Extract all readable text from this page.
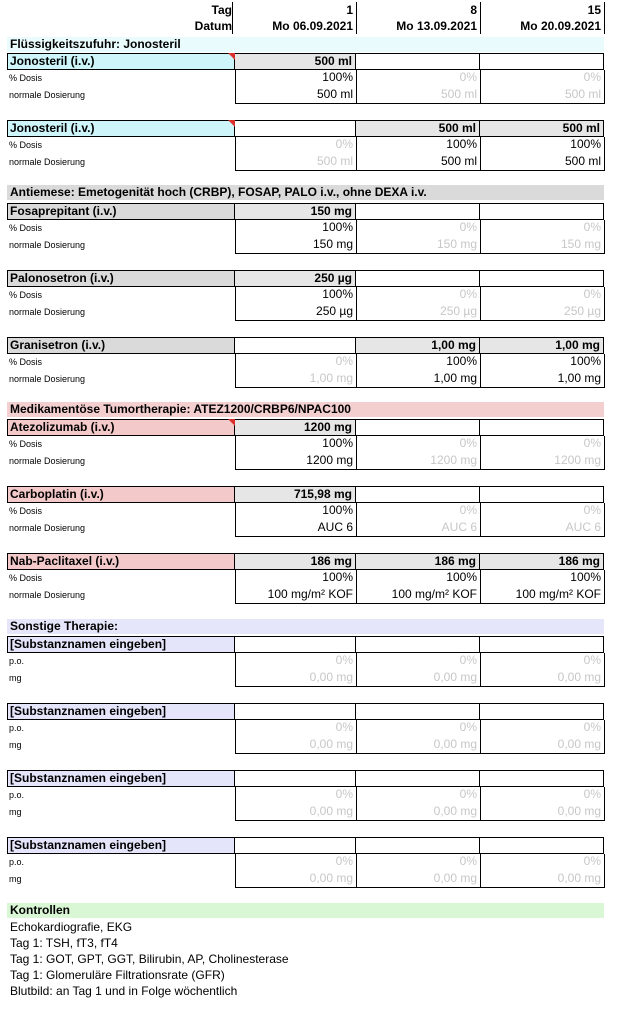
Tag
Datum
1
Mo 06.09.2021
8
Mo 13.09.2021
15
Mo 20.09.2021
Flüssigkeitszufuhr: Jonosteril
Jonosteril (i.v.)
% Dosis
normale Dosierung
500 ml
100%
500 ml
0%
500 ml
0%
500 ml
Jonosteril (i.v.)
% Dosis
normale Dosierung
0%
500 ml
500 ml
100%
500 ml
500 ml
100%
500 ml
Antiemese: Emetogenität hoch (CRBP), FOSAP, PALO i.v., ohne DEXA i.v.
Fosaprepitant (i.v.)
% Dosis
normale Dosierung
150 mg
100%
150 mg
0%
150 mg
0%
150 mg
Palonosetron (i.v.)
% Dosis
normale Dosierung
250 µg
100%
250 µg
0%
250 µg
0%
250 µg
Granisetron (i.v.)
% Dosis
normale Dosierung
0%
1,00 mg
1,00 mg
100%
1,00 mg
1,00 mg
100%
1,00 mg
Medikamentöse Tumortherapie: ATEZ1200/CRBP6/NPAC100
Atezolizumab (i.v.)
% Dosis
normale Dosierung
1200 mg
100%
1200 mg
0%
1200 mg
0%
1200 mg
Carboplatin (i.v.)
% Dosis
normale Dosierung
715,98 mg
100%
AUC 6
0%
AUC 6
0%
AUC 6
Nab-Paclitaxel (i.v.)
% Dosis
normale Dosierung
186 mg
100%
100 mg/m² KOF
186 mg
100%
100 mg/m² KOF
186 mg
100%
100 mg/m² KOF
Sonstige Therapie:
[Substanznamen eingeben]
p.o.
mg
0%
0,00 mg
0%
0,00 mg
0%
0,00 mg
[Substanznamen eingeben]
p.o.
mg
0%
0,00 mg
0%
0,00 mg
0%
0,00 mg
[Substanznamen eingeben]
p.o.
mg
0%
0,00 mg
0%
0,00 mg
0%
0,00 mg
[Substanznamen eingeben]
p.o.
mg
0%
0,00 mg
0%
0,00 mg
0%
0,00 mg
Kontrollen
Echokardiografie, EKG
Tag 1: TSH, fT3, fT4
Tag 1: GOT, GPT, GGT, Bilirubin, AP, Cholinesterase
Tag 1: Glomeruläre Filtrationsrate (GFR)
Blutbild: an Tag 1 und in Folge wöchentlich
